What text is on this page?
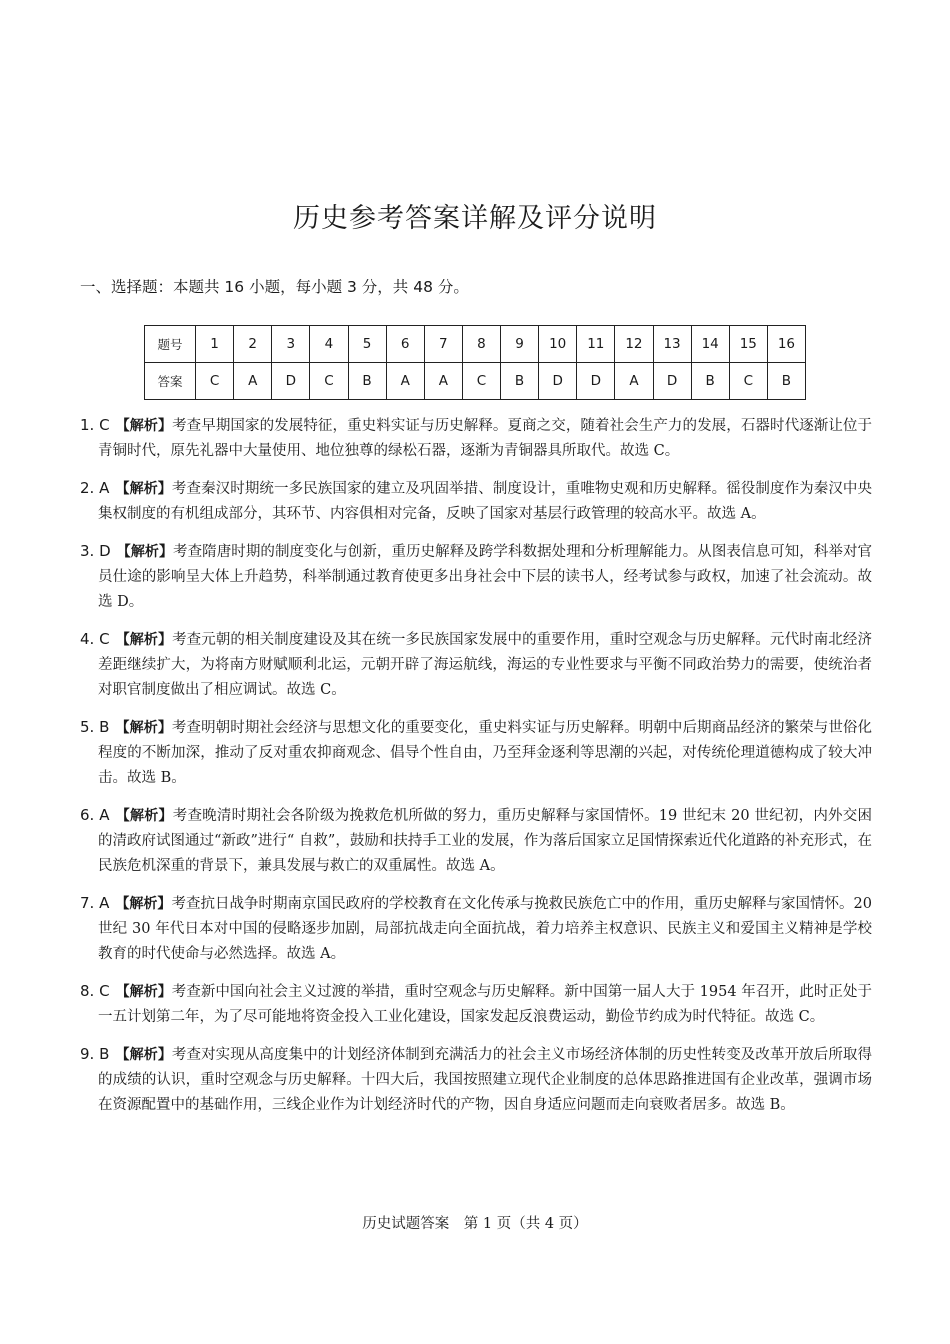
历史参考答案详解及评分说明
一、选择题：本题共 16 小题，每小题 3 分，共 48 分。
题号	1	2	3	4	5	6	7	8	9	10	11	12	13	14	15	16
答案	C	A	D	C	B	A	A	C	B	D	D	A	D	B	C	B
1. C 【解析】考查早期国家的发展特征，重史料实证与历史解释。夏商之交，随着社会生产力的发展，石器时代逐渐让位于青铜时代，原先礼器中大量使用、地位独尊的绿松石器，逐渐为青铜器具所取代。故选 C。
2. A 【解析】考查秦汉时期统一多民族国家的建立及巩固举措、制度设计，重唯物史观和历史解释。徭役制度作为秦汉中央集权制度的有机组成部分，其环节、内容俱相对完备，反映了国家对基层行政管理的较高水平。故选 A。
3. D 【解析】考查隋唐时期的制度变化与创新，重历史解释及跨学科数据处理和分析理解能力。从图表信息可知，科举对官员仕途的影响呈大体上升趋势，科举制通过教育使更多出身社会中下层的读书人，经考试参与政权，加速了社会流动。故选 D。
4. C 【解析】考查元朝的相关制度建设及其在统一多民族国家发展中的重要作用，重时空观念与历史解释。元代时南北经济差距继续扩大，为将南方财赋顺利北运，元朝开辟了海运航线，海运的专业性要求与平衡不同政治势力的需要，使统治者对职官制度做出了相应调试。故选 C。
5. B 【解析】考查明朝时期社会经济与思想文化的重要变化，重史料实证与历史解释。明朝中后期商品经济的繁荣与世俗化程度的不断加深，推动了反对重农抑商观念、倡导个性自由，乃至拜金逐利等思潮的兴起，对传统伦理道德构成了较大冲击。故选 B。
6. A 【解析】考查晚清时期社会各阶级为挽救危机所做的努力，重历史解释与家国情怀。19 世纪末 20 世纪初，内外交困的清政府试图通过“新政”进行“ 自救”，鼓励和扶持手工业的发展，作为落后国家立足国情探索近代化道路的补充形式，在民族危机深重的背景下，兼具发展与救亡的双重属性。故选 A。
7. A 【解析】考查抗日战争时期南京国民政府的学校教育在文化传承与挽救民族危亡中的作用，重历史解释与家国情怀。20 世纪 30 年代日本对中国的侵略逐步加剧，局部抗战走向全面抗战，着力培养主权意识、民族主义和爱国主义精神是学校教育的时代使命与必然选择。故选 A。
8. C 【解析】考查新中国向社会主义过渡的举措，重时空观念与历史解释。新中国第一届人大于 1954 年召开，此时正处于一五计划第二年，为了尽可能地将资金投入工业化建设，国家发起反浪费运动，勤俭节约成为时代特征。故选 C。
9. B 【解析】考查对实现从高度集中的计划经济体制到充满活力的社会主义市场经济体制的历史性转变及改革开放后所取得的成绩的认识，重时空观念与历史解释。十四大后，我国按照建立现代企业制度的总体思路推进国有企业改革，强调市场在资源配置中的基础作用，三线企业作为计划经济时代的产物，因自身适应问题而走向衰败者居多。故选 B。
历史试题答案　第 1 页（共 4 页）
